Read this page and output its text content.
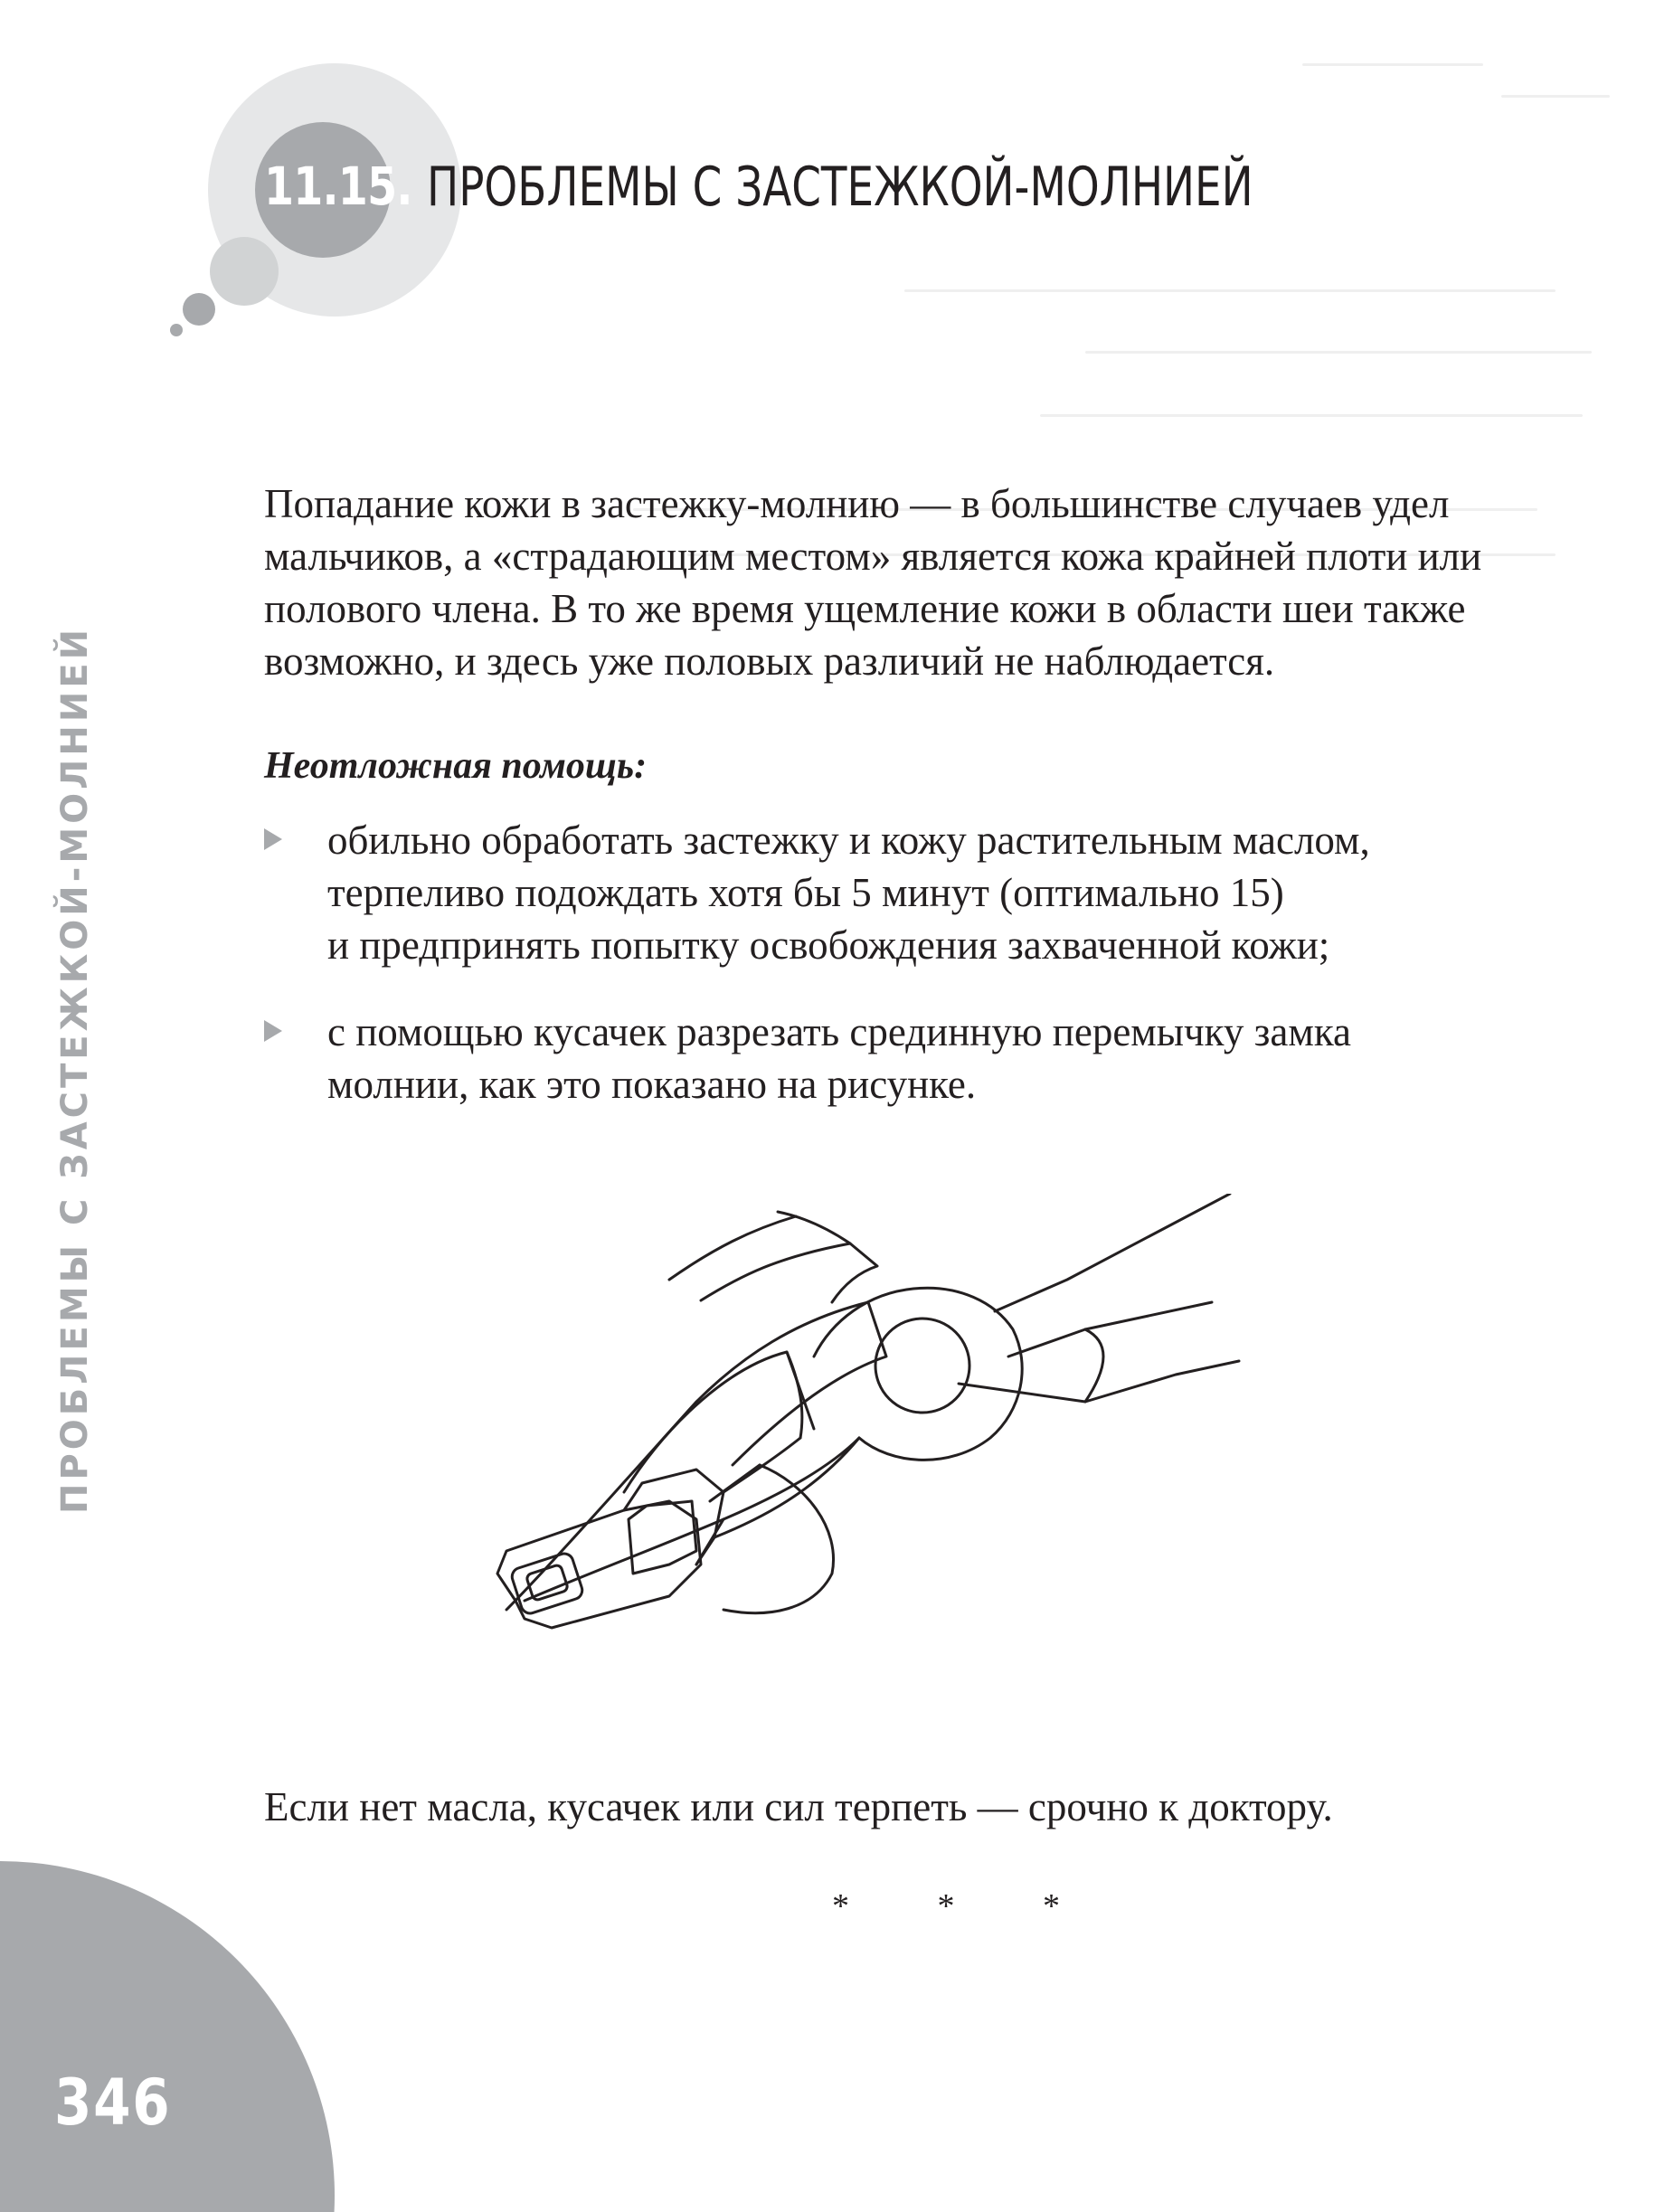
11.15. ПРОБЛЕМЫ С ЗАСТЕЖКОЙ-МОЛНИЕЙ
ПРОБЛЕМЫ С ЗАСТЕЖКОЙ-МОЛНИЕЙ
Попадание кожи в застежку-молнию — в большинстве случаев удел
мальчиков, а «страдающим местом» является кожа крайней плоти или
полового члена. В то же время ущемление кожи в области шеи также
возможно, и здесь уже половых различий не наблюдается.
Неотложная помощь:
обильно обработать застежку и кожу растительным маслом,
терпеливо подождать хотя бы 5 минут (оптимально 15)
и предпринять попытку освобождения захваченной кожи;
с помощью кусачек разрезать срединную перемычку замка
молнии, как это показано на рисунке.
Если нет масла, кусачек или сил терпеть — срочно к доктору.
* * *
346
